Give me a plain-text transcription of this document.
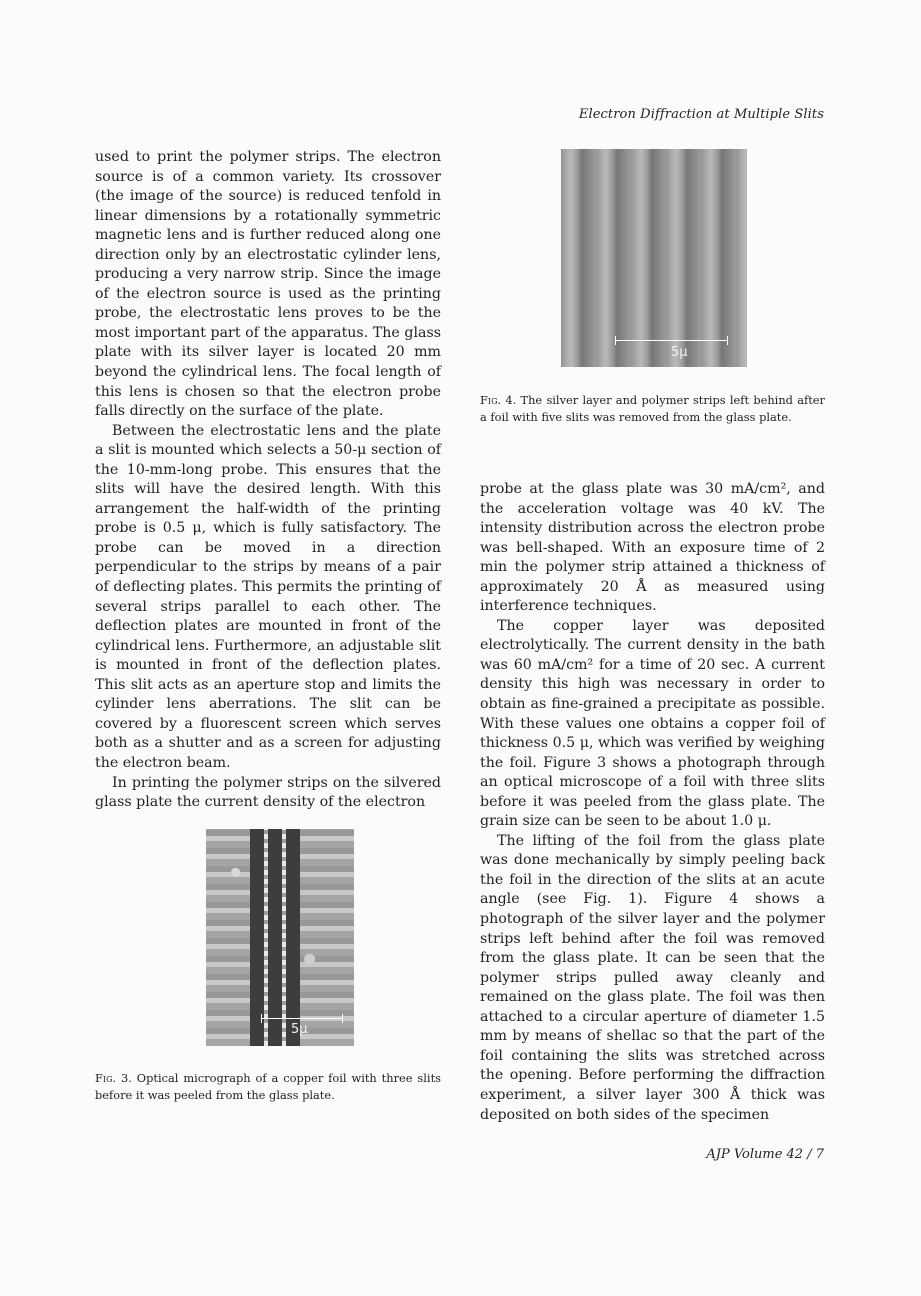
Electron Diffraction at Multiple Slits

used to print the polymer strips. The electron source is of a common variety. Its crossover (the image of the source) is reduced tenfold in linear dimensions by a rotationally symmetric magnetic lens and is further reduced along one direction only by an electrostatic cylinder lens, producing a very narrow strip. Since the image of the electron source is used as the printing probe, the electrostatic lens proves to be the most important part of the apparatus. The glass plate with its silver layer is located 20 mm beyond the cylindrical lens. The focal length of this lens is chosen so that the electron probe falls directly on the surface of the plate.

Between the electrostatic lens and the plate a slit is mounted which selects a 50-μ section of the 10-mm-long probe. This ensures that the slits will have the desired length. With this arrangement the half-width of the printing probe is 0.5 μ, which is fully satisfactory. The probe can be moved in a direction perpendicular to the strips by means of a pair of deflecting plates. This permits the printing of several strips parallel to each other. The deflection plates are mounted in front of the cylindrical lens. Furthermore, an adjustable slit is mounted in front of the deflection plates. This slit acts as an aperture stop and limits the cylinder lens aberrations. The slit can be covered by a fluorescent screen which serves both as a shutter and as a screen for adjusting the electron beam.

In printing the polymer strips on the silvered glass plate the current density of the electron

5μ
Fig. 4. The silver layer and polymer strips left behind after a foil with five slits was removed from the glass plate.

probe at the glass plate was 30 mA/cm², and the acceleration voltage was 40 kV. The intensity distribution across the electron probe was bell-shaped. With an exposure time of 2 min the polymer strip attained a thickness of approximately 20 Å as measured using interference techniques.

The copper layer was deposited electrolytically. The current density in the bath was 60 mA/cm² for a time of 20 sec. A current density this high was necessary in order to obtain as fine-grained a precipitate as possible. With these values one obtains a copper foil of thickness 0.5 μ, which was verified by weighing the foil. Figure 3 shows a photograph through an optical microscope of a foil with three slits before it was peeled from the glass plate. The grain size can be seen to be about 1.0 μ.

The lifting of the foil from the glass plate was done mechanically by simply peeling back the foil in the direction of the slits at an acute angle (see Fig. 1). Figure 4 shows a photograph of the silver layer and the polymer strips left behind after the foil was removed from the glass plate. It can be seen that the polymer strips pulled away cleanly and remained on the glass plate. The foil was then attached to a circular aperture of diameter 1.5 mm by means of shellac so that the part of the foil containing the slits was stretched across the opening. Before performing the diffraction experiment, a silver layer 300 Å thick was deposited on both sides of the specimen

5μ
Fig. 3. Optical micrograph of a copper foil with three slits before it was peeled from the glass plate.
AJP Volume 42 / 7
